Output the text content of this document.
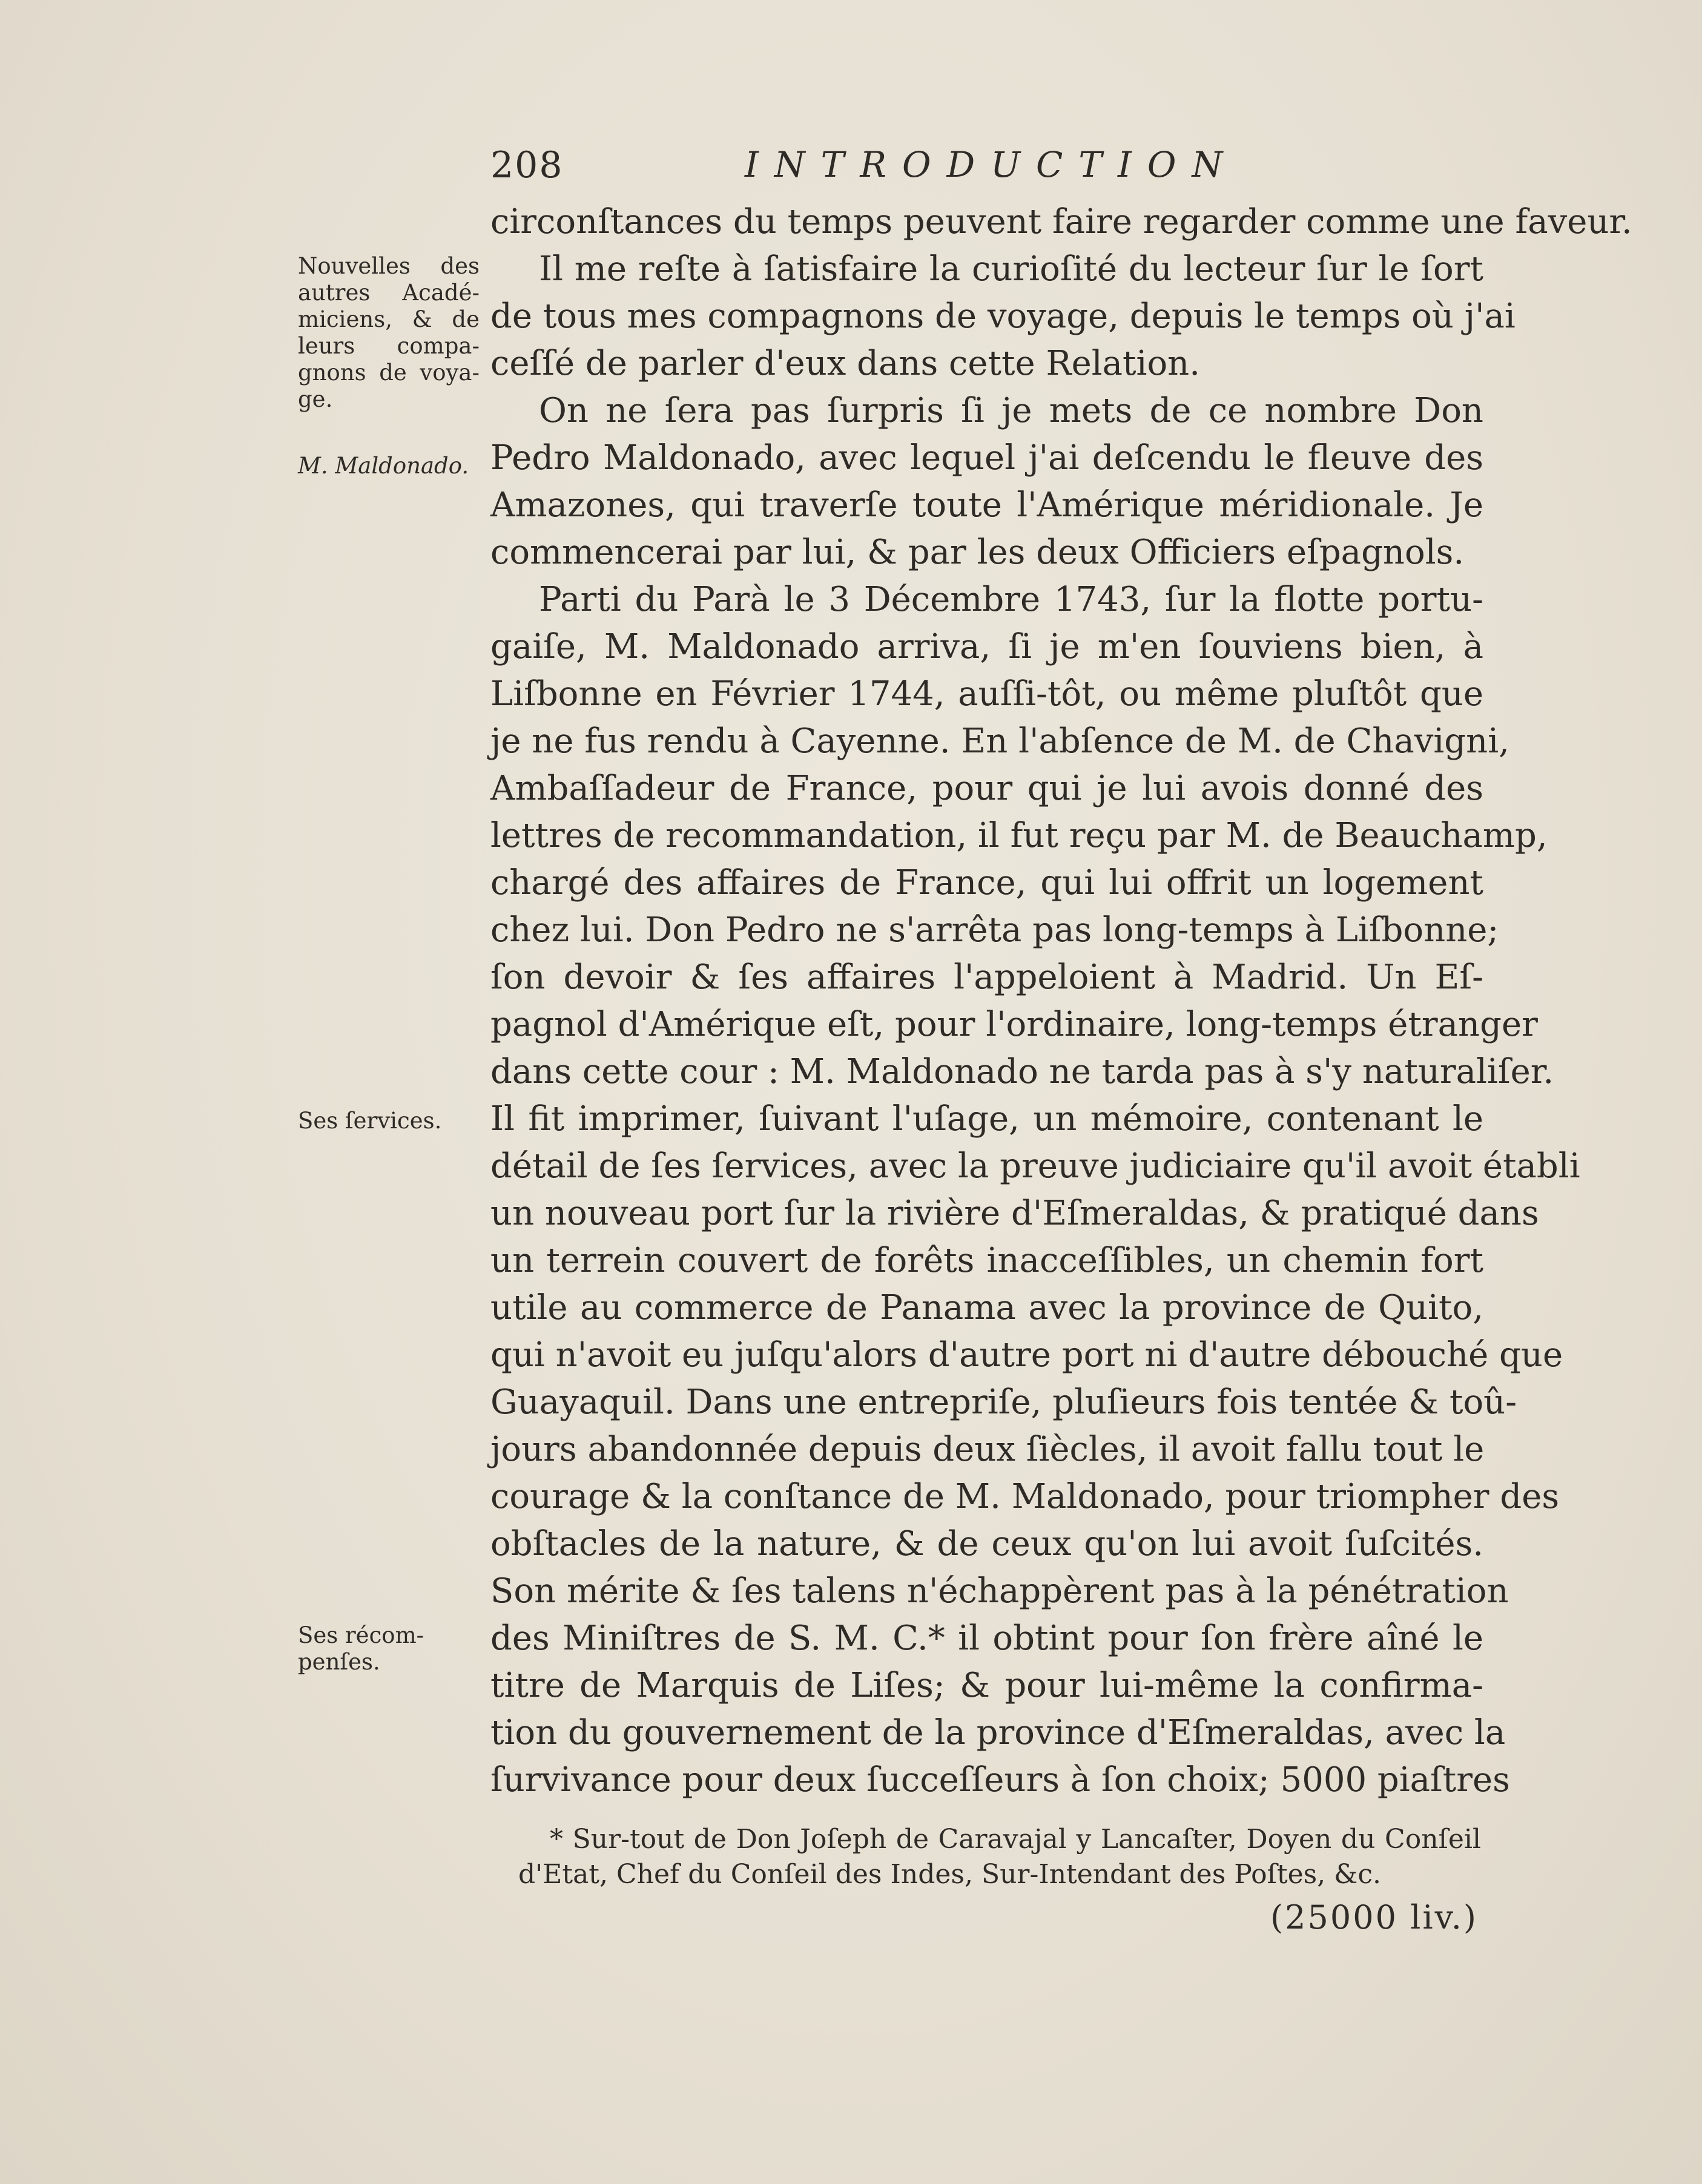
208	INTRODUCTION
Nouvelles des
autres Acadé-
miciens, & de
leurs compa-
gnons de voya-
ge.
M. Maldonado.
Ses ſervices.
Ses récom-
penſes.
circonſtances du temps peuvent faire regarder comme une faveur.
Il me reſte à ſatisfaire la curioſité du lecteur ſur le ſort
de tous mes compagnons de voyage, depuis le temps où j'ai
ceſſé de parler d'eux dans cette Relation.
On ne ſera pas ſurpris ſi je mets de ce nombre Don
Pedro Maldonado, avec lequel j'ai deſcendu le fleuve des
Amazones, qui traverſe toute l'Amérique méridionale. Je
commencerai par lui, & par les deux Officiers eſpagnols.
Parti du Parà le 3 Décembre 1743, ſur la flotte portu-
gaiſe, M. Maldonado arriva, ſi je m'en ſouviens bien, à
Liſbonne en Février 1744, auſſi-tôt, ou même pluſtôt que
je ne fus rendu à Cayenne. En l'abſence de M. de Chavigni,
Ambaſſadeur de France, pour qui je lui avois donné des
lettres de recommandation, il fut reçu par M. de Beauchamp,
chargé des affaires de France, qui lui offrit un logement
chez lui. Don Pedro ne s'arrêta pas long-temps à Liſbonne;
ſon devoir & ſes affaires l'appeloient à Madrid. Un Eſ-
pagnol d'Amérique eſt, pour l'ordinaire, long-temps étranger
dans cette cour : M. Maldonado ne tarda pas à s'y naturaliſer.
Il fit imprimer, ſuivant l'uſage, un mémoire, contenant le
détail de ſes ſervices, avec la preuve judiciaire qu'il avoit établi
un nouveau port ſur la rivière d'Eſmeraldas, & pratiqué dans
un terrein couvert de forêts inacceſſibles, un chemin fort
utile au commerce de Panama avec la province de Quito,
qui n'avoit eu juſqu'alors d'autre port ni d'autre débouché que
Guayaquil. Dans une entrepriſe, pluſieurs fois tentée & toû-
jours abandonnée depuis deux ſiècles, il avoit fallu tout le
courage & la conſtance de M. Maldonado, pour triompher des
obſtacles de la nature, & de ceux qu'on lui avoit ſuſcités.
Son mérite & ſes talens n'échappèrent pas à la pénétration
des Miniſtres de S. M. C.* il obtint pour ſon frère aîné le
titre de Marquis de Liſes; & pour lui-même la confirma-
tion du gouvernement de la province d'Eſmeraldas, avec la
ſurvivance pour deux ſucceſſeurs à ſon choix; 5000 piaſtres
* Sur-tout de Don Joſeph de Caravajal y Lancaſter, Doyen du Conſeil
d'Etat, Chef du Conſeil des Indes, Sur-Intendant des Poſtes, &c.
(25000 liv.)
